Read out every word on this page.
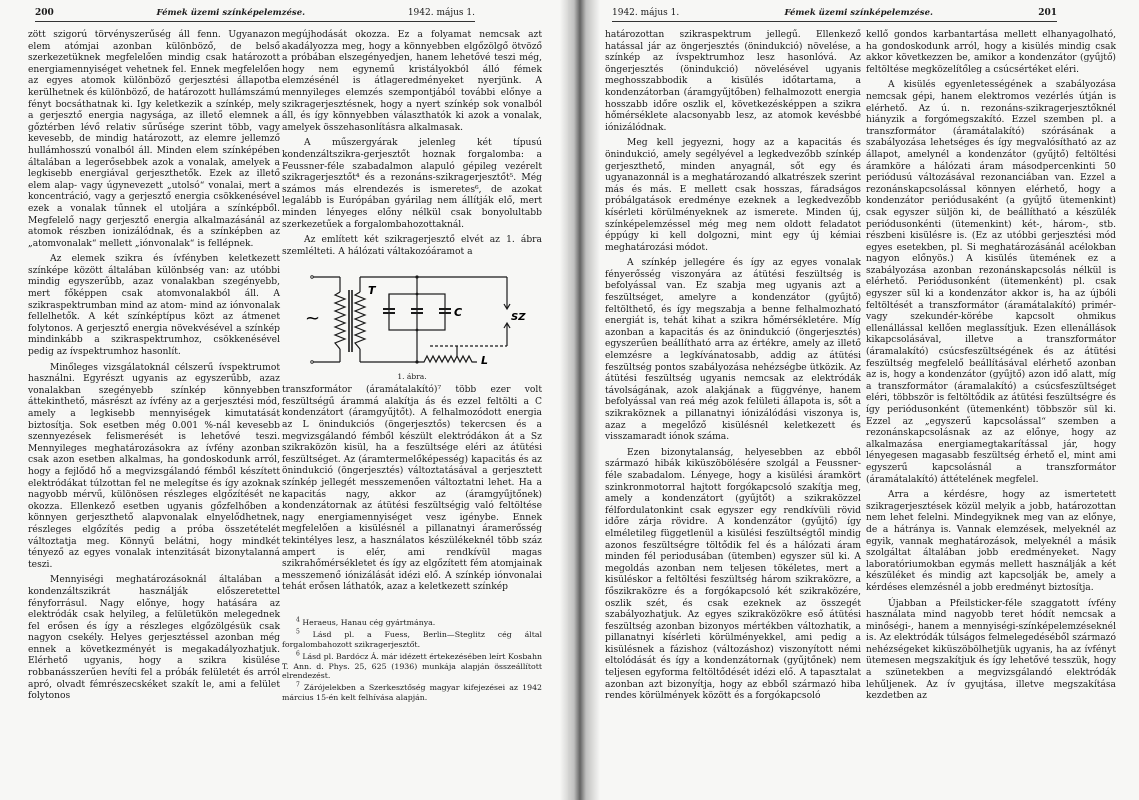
200	Fémek üzemi színképelemzése.	1942. május 1.

zött szigorú törvényszerűség áll fenn. Ugyanazon elem atómjai azonban különböző, de belső szerkezetüknek megfelelően mindig csak határozott energiamennyiséget vehetnek fel. Ennek megfelelően az egyes atomok különböző gerjesztési állapotba kerülhetnek és különböző, de határozott hullámszámú fényt bocsáthatnak ki. Igy keletkezik a színkép, mely a gerjesztő energia nagysága, az illető elemnek a gőztérben lévő relativ sűrűsége szerint több, vagy kevesebb, de mindig határozott, az elemre jellemző hullámhosszú vonalból áll. Minden elem színképében általában a legerősebbek azok a vonalak, amelyek a legkisebb energiával gerjeszthetők. Ezek az illető elem alap- vagy úgynevezett „utolsó“ vonalai, mert a koncentráció, vagy a gerjesztő energia csökkenésével ezek a vonalak tűnnek el utoljára a színképből. Megfelelő nagy gerjesztő energia alkalmazásánál az atomok részben ionizálódnak, és a színképben az „atomvonalak“ mellett „iónvonalak“ is fellépnek.

Az elemek szikra és ívfényben keletkezett színképe között általában különbség van: az utóbbi mindig egyszerűbb, azaz vonalakban szegényebb, mert főképpen csak atomvonalakból áll. A szikraspektrumban mind az atom- mind az iónvonalak fellelhetők. A két színképtípus közt az átmenet folytonos. A gerjesztő energia növekvésével a színkép mindinkább a szikraspektrumhoz, csökkenésével pedig az ívspektrumhoz hasonlít.

Minőleges vizsgálatoknál célszerű ívspektrumot használni. Egyrészt ugyanis az egyszerűbb, azaz vonalakban szegényebb színkép könnyebben áttekinthető, másrészt az ívfény az a gerjesztési mód, amely a legkisebb mennyiségek kimutatását biztosítja. Sok esetben még 0.001 %-nál kevesebb szennyezések felismerését is lehetővé teszi. Mennyileges meghatározásokra az ívfény azonban csak azon esetben alkalmas, ha gondoskodunk arról, hogy a fejlődő hő a megvizsgálandó fémből készített elektródákat túlzottan fel ne melegítse és így azoknak nagyobb mérvű, különösen részleges elgőzítését ne okozza. Ellenkező esetben ugyanis gőzfelhőben a könnyen gerjeszthető alapvonalak elnyelődhetnek, részleges elgőzítés pedig a próba összetételét változtatja meg. Könnyű belátni, hogy mindkét tényező az egyes vonalak intenzitását bizonytalanná teszi.

Mennyiségi meghatározásoknál általában a kondenzáltszikrát használják előszeretettel fényforrásul. Nagy előnye, hogy hatására az elektródák csak helyileg, a felületükön melegednek fel erősen és így a részleges elgőzölgésük csak nagyon csekély. Helyes gerjesztéssel azonban még ennek a következményét is megakadályozhatjuk. Elérhető ugyanis, hogy a szikra kisülése robbanásszerűen hevíti fel a próbák felületét és arról apró, olvadt fémrészecskéket szakít le, ami a felület folytonos

megújhodását okozza. Ez a folyamat nemcsak azt akadályozza meg, hogy a könnyebben elgőzölgő ötvöző a próbában elszegényedjen, hanem lehetővé teszi még, hogy nem egynemű kristályokból álló fémek elemzésénél is átlageredményeket nyerjünk. A mennyileges elemzés szempontjából további előnye a szikragerjesztésnek, hogy a nyert színkép sok vonalból áll, és így könnyebben választhatók ki azok a vonalak, amelyek összehasonlításra alkalmasak.

A műszergyárak jelenleg két típusú kondenzáltszikra-gerjesztőt hoznak forgalomba: a Feussner-féle szabadalmon alapuló gépileg vezérelt szikragerjesztőt⁴ és a rezonáns-szikragerjesztőt⁵. Még számos más elrendezés is ismeretes⁶, de azokat legalább is Európában gyárilag nem állítják elő, mert minden lényeges előny nélkül csak bonyolultabb szerkezetűek a forgalombahozottaknál.

Az említett két szikragerjesztő elvét az 1. ábra szemlélteti. A hálózati váltakozóáramot a

~
T
C	SZ
L
1. ábra.

transzformátor (áramátalakító)⁷ több ezer volt feszültségű árammá alakítja ás és ezzel feltölti a C kondenzátort (áramgyűjtőt). A felhalmozódott energia az L önindukciós (öngerjesztős) tekercsen és a megvizsgálandó fémből készült elektródákon át a Sz szikraközön kisül, ha a feszültsége eléri az átütési feszültséget. Az (áramtermelőképesség) kapacitás és az önindukció (öngerjesztés) változtatásával a gerjesztett színkép jellegét messzemenően változtatni lehet. Ha a kapacitás nagy, akkor az (áramgyűjtőnek) kondenzátornak az átütési feszültségig való feltöltése nagy energiamennyiséget vesz igénybe. Ennek megfelelően a kisülésnél a pillanatnyi áramerősség tekintélyes lesz, a használatos készülékeknél több száz ampert is elér, ami rendkívül magas szikrahőmérsékletet és így az elgőzített fém atomjainak messzemenő iónizálását idézi elő. A színkép iónvonalai tehát erősen láthatók, azaz a keletkezett színkép

$^4$ Heraeus, Hanau cég gyártmánya.

$^5$ Lásd pl. a Fuess, Berlin—Steglitz cég által forgalombahozott szikragerjesztőt.

$^6$ Lásd pl. Bardócz Á. már idézett értekezésében leírt Kosbahn T. Ann. d. Phys. 25, 625 (1936) munkája alapján összeállított elrendezést.

$^7$ Zárójelekben a Szerkesztőség magyar kifejezései az 1942 március 15-én kelt felhívása alapján.

1942. május 1.	Fémek üzemi színképelemzése.	201

határozottan szikraspektrum jellegű. Ellenkező hatással jár az öngerjesztés (önindukció) növelése, a színkép az ívspektrumhoz lesz hasonlóvá. Az öngerjesztés (önindukció) növelésével ugyanis meghosszabbodik a kisülés időtartama, a kondenzátorban (áramgyűjtőben) felhalmozott energia hosszabb időre oszlik el, következésképpen a szikra hőmérséklete alacsonyabb lesz, az atomok kevésbbé iónizálódnak.

Meg kell jegyezni, hogy az a kapacitás és önindukció, amely segélyével a legkedvezőbb színkép gerjeszthető, minden anyagnál, sőt egy és ugyanazonnál is a meghatározandó alkatrészek szerint más és más. E mellett csak hosszas, fáradságos próbálgatások eredménye ezeknek a legkedvezőbb kísérleti körülményeknek az ismerete. Minden új, színképelemzéssel még meg nem oldott feladatot éppúgy ki kell dolgozni, mint egy új kémiai meghatározási módot.

A színkép jellegére és így az egyes vonalak fényerősség viszonyára az átütési feszültség is befolyással van. Ez szabja meg ugyanis azt a feszültséget, amelyre a kondenzátor (gyűjtő) feltölthető, és így megszabja a benne felhalmozható energiát is, tehát kihat a szikra hőmérsékletére. Míg azonban a kapacitás és az önindukció (öngerjesztés) egyszerűen beállítható arra az értékre, amely az illető elemzésre a legkívánatosabb, addig az átütési feszültség pontos szabályozása nehézségbe ütközik. Az átütési feszültség ugyanis nemcsak az elektródák távolságának, azok alakjának a függvénye, hanem befolyással van reá még azok felületi állapota is, sőt a szikraköznek a pillanatnyi iónizálódási viszonya is, azaz a megelőző kisülésnél keletkezett és visszamaradt iónok száma.

Ezen bizonytalanság, helyesebben az ebből származó hibák kiküszöbölésére szolgál a Feussner-féle szabadalom. Lényege, hogy a kisülési áramkört szinkronmotorral hajtott forgókapcsoló szakítja meg, amely a kondenzátort (gyűjtőt) a szikraközzel félfordulatonkint csak egyszer egy rendkívüli rövid időre zárja rövidre. A kondenzátor (gyűjtő) így elméletileg függetlenül a kisülési feszültségtől mindig azonos feszültségre töltődik fel és a hálózati áram minden fél periodusában (ütemben) egyszer sül ki. A megoldás azonban nem teljesen tökéletes, mert a kisüléskor a feltöltési feszültség három szikraközre, a főszikraközre és a forgókapcsoló két szikraközére, oszlik szét, és csak ezeknek az összegét szabályozhatjuk. Az egyes szikraközökre eső átütési feszültség azonban bizonyos mértékben változhatik, a pillanatnyi kísérleti körülményekkel, ami pedig a kisülésnek a fázishoz (változáshoz) viszonyított némi eltolódását és így a kondenzátornak (gyűjtőnek) nem teljesen egyforma feltöltődését idézi elő. A tapasztalat azonban azt bizonyítja, hogy az ebből származó hiba rendes körülmények között és a forgókapcsoló

kellő gondos karbantartása mellett elhanyagolható, ha gondoskodunk arról, hogy a kisülés mindig csak akkor következzen be, amikor a kondenzátor (gyűjtő) feltöltése megközelítőleg a csúcsértéket eléri.

A kisülés egyenletességének a szabályozása nemcsak gépi, hanem elektromos vezérlés útján is elérhető. Az ú. n. rezonáns-szikragerjesztőknél hiányzik a forgómegszakító. Ezzel szemben pl. a transzformátor (áramátalakító) szórásának a szabályozása lehetséges és így megvalósítható az az állapot, amelynél a kondenzátor (gyűjtő) feltöltési áramköre a hálózati áram másodpercenkinti 50 periódusú változásával rezonanciában van. Ezzel a rezonánskapcsolással könnyen elérhető, hogy a kondenzátor periódusaként (a gyűjtő ütemenkint) csak egyszer süljön ki, de beállítható a készülék periódusonkénti (ütemenkint) két-, három-, stb. részbeni kisülésre is. (Ez az utóbbi gerjesztési mód egyes esetekben, pl. Si meghatározásánál acélokban nagyon előnyös.) A kisülés ütemének ez a szabályozása azonban rezonánskapcsolás nélkül is elérhető. Periódusonként (ütemenként) pl. csak egyszer sül ki a kondenzátor akkor is, ha az újbóli feltöltését a transzformátor (áramátalakító) primér- vagy szekundér-körébe kapcsolt ohmikus ellenállással kellően meglassítjuk. Ezen ellenállások kikapcsolásával, illetve a transzformátor (áramalakító) csúcsfeszültségének és az átütési feszültség megfelelő beállításával elérhető azonban az is, hogy a kondenzátor (gyűjtő) azon idő alatt, míg a transzformátor (áramalakító) a csúcsfeszültséget eléri, többször is feltöltődik az átütési feszültségre és így periódusonként (ütemenként) többször sül ki. Ezzel az „egyszerű kapcsolással“ szemben a rezonánskapcsolásnak az az előnye, hogy az alkalmazása energiamegtakarítással jár, hogy lényegesen magasabb feszültség érhető el, mint ami egyszerű kapcsolásnál a transzformátor (áramátalakító) áttételének megfelel.

Arra a kérdésre, hogy az ismertetett szikragerjesztések közül melyik a jobb, határozottan nem lehet felelni. Mindegyiknek meg van az előnye, de a hátránya is. Vannak elemzések, melyeknél az egyik, vannak meghatározások, melyeknél a másik szolgáltat általában jobb eredményeket. Nagy laboratóriumokban egymás mellett használják a két készüléket és mindig azt kapcsolják be, amely a kérdéses elemzésnél a jobb eredményt biztosítja.

Újabban a Pfeilsticker-féle szaggatott ívfény használata mind nagyobb teret hódít nemcsak a minőségi-, hanem a mennyiségi-színképelemzéseknél is. Az elektródák túlságos felmelegedéséből származó nehézségeket kiküszöbölhetjük ugyanis, ha az ívfényt ütemesen megszakítjuk és így lehetővé tesszük, hogy a szünetekben a megvizsgálandó elektródák lehűljenek. Az ív gyujtása, illetve megszakítása kezdetben az
